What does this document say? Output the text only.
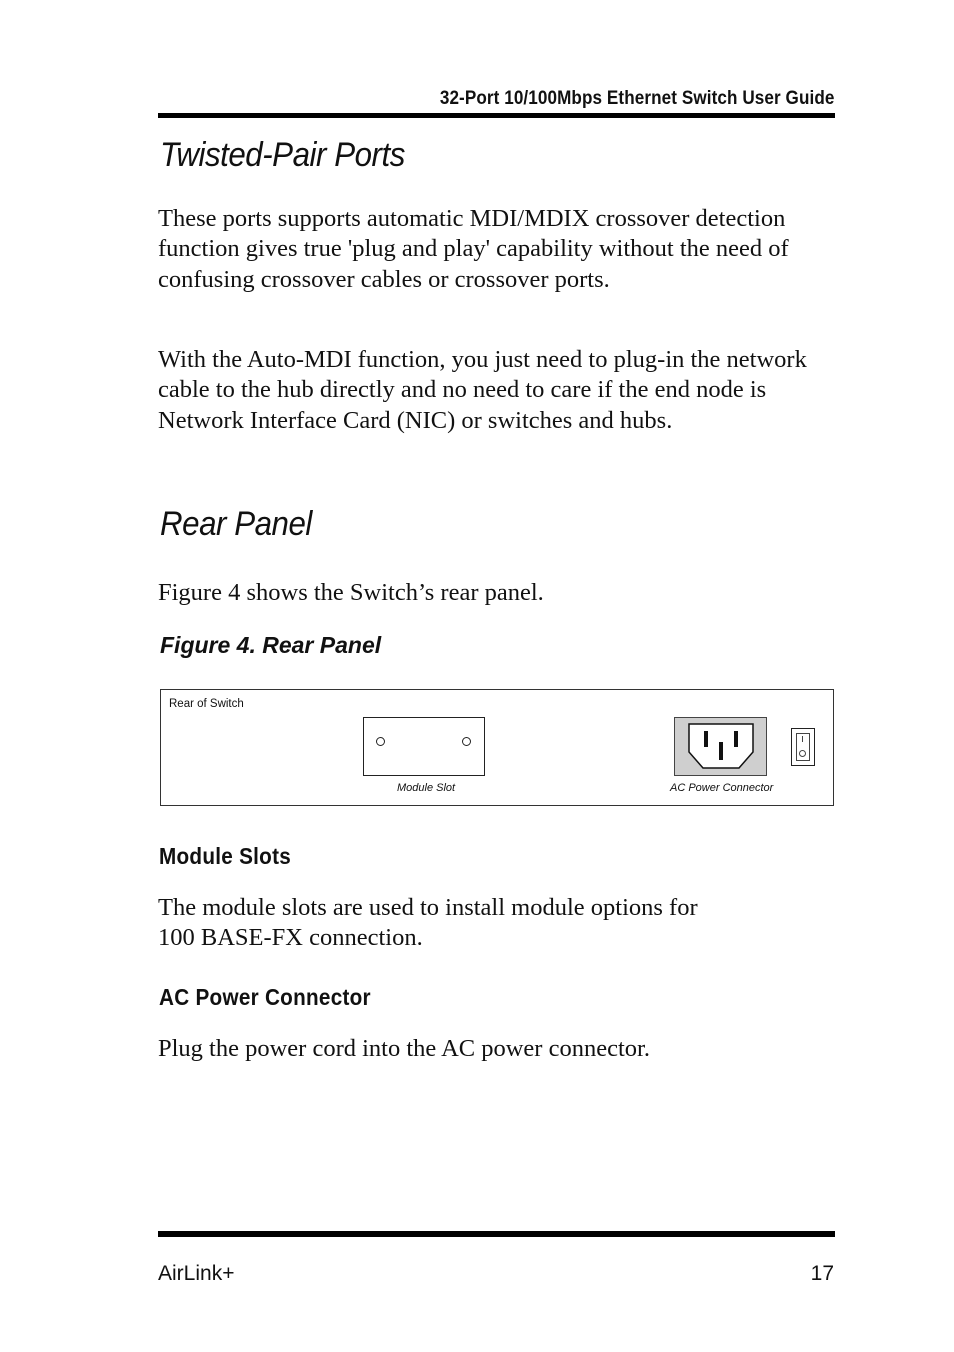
32-Port 10/100Mbps Ethernet Switch User Guide
Twisted-Pair Ports

These ports supports automatic MDI/MDIX crossover detection function gives true 'plug and play' capability without the need of confusing crossover cables or crossover ports.

With the Auto-MDI function, you just need to plug-in the network cable to the hub directly and no need to care if the end node is Network Interface Card (NIC) or switches and hubs.

Rear Panel

Figure 4 shows the Switch’s rear panel.

Figure 4. Rear Panel
Rear of Switch
Module Slot	AC Power Connector
Module Slots

The module slots are used to install module options for
100 BASE-FX connection.

AC Power Connector

Plug the power cord into the AC power connector.

AirLink+	17
